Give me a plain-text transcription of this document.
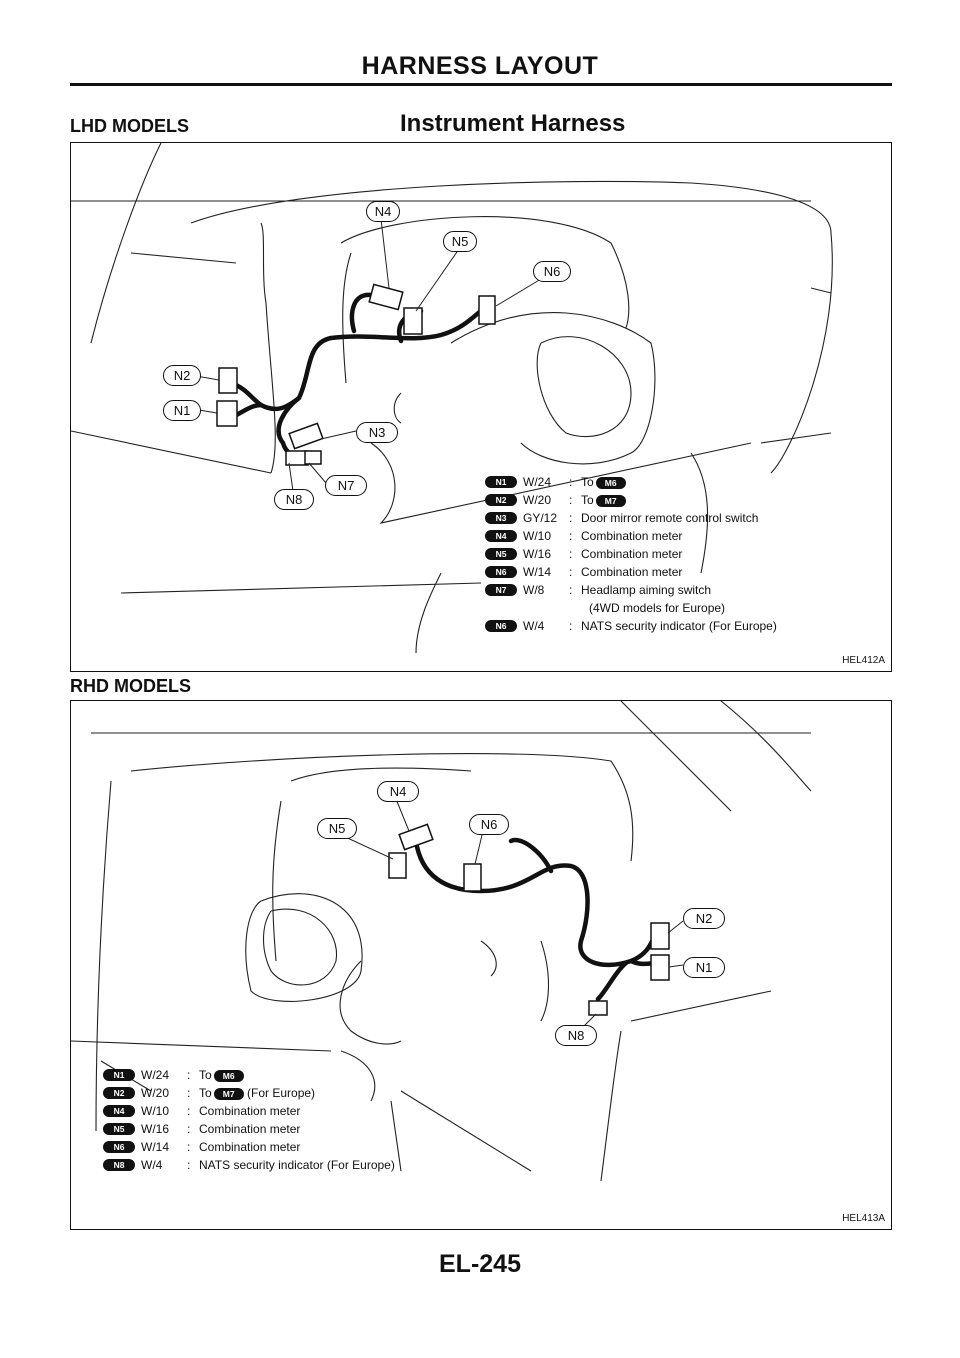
HARNESS LAYOUT
LHD MODELS	Instrument Harness
N4
N5
N6
N2
N1
N3
N7
N8
N1	W/24 : To M6
N2	W/20 : To M7
N3	GY/12 : Door mirror remote control switch
N4	W/10 : Combination meter
N5	W/16 : Combination meter
N6	W/14 : Combination meter
N7	W/8 : Headlamp aiming switch
(4WD models for Europe)
N6	W/4 : NATS security indicator (For Europe)
HEL412A
RHD MODELS
N4
N5	N6
N2
N1
N8
N1	W/24 : To M6
N2	W/20 : To M7 (For Europe)
N4	W/10 : Combination meter
N5	W/16 : Combination meter
N6	W/14 : Combination meter
N8	W/4 : NATS security indicator (For Europe)
HEL413A
EL-245
